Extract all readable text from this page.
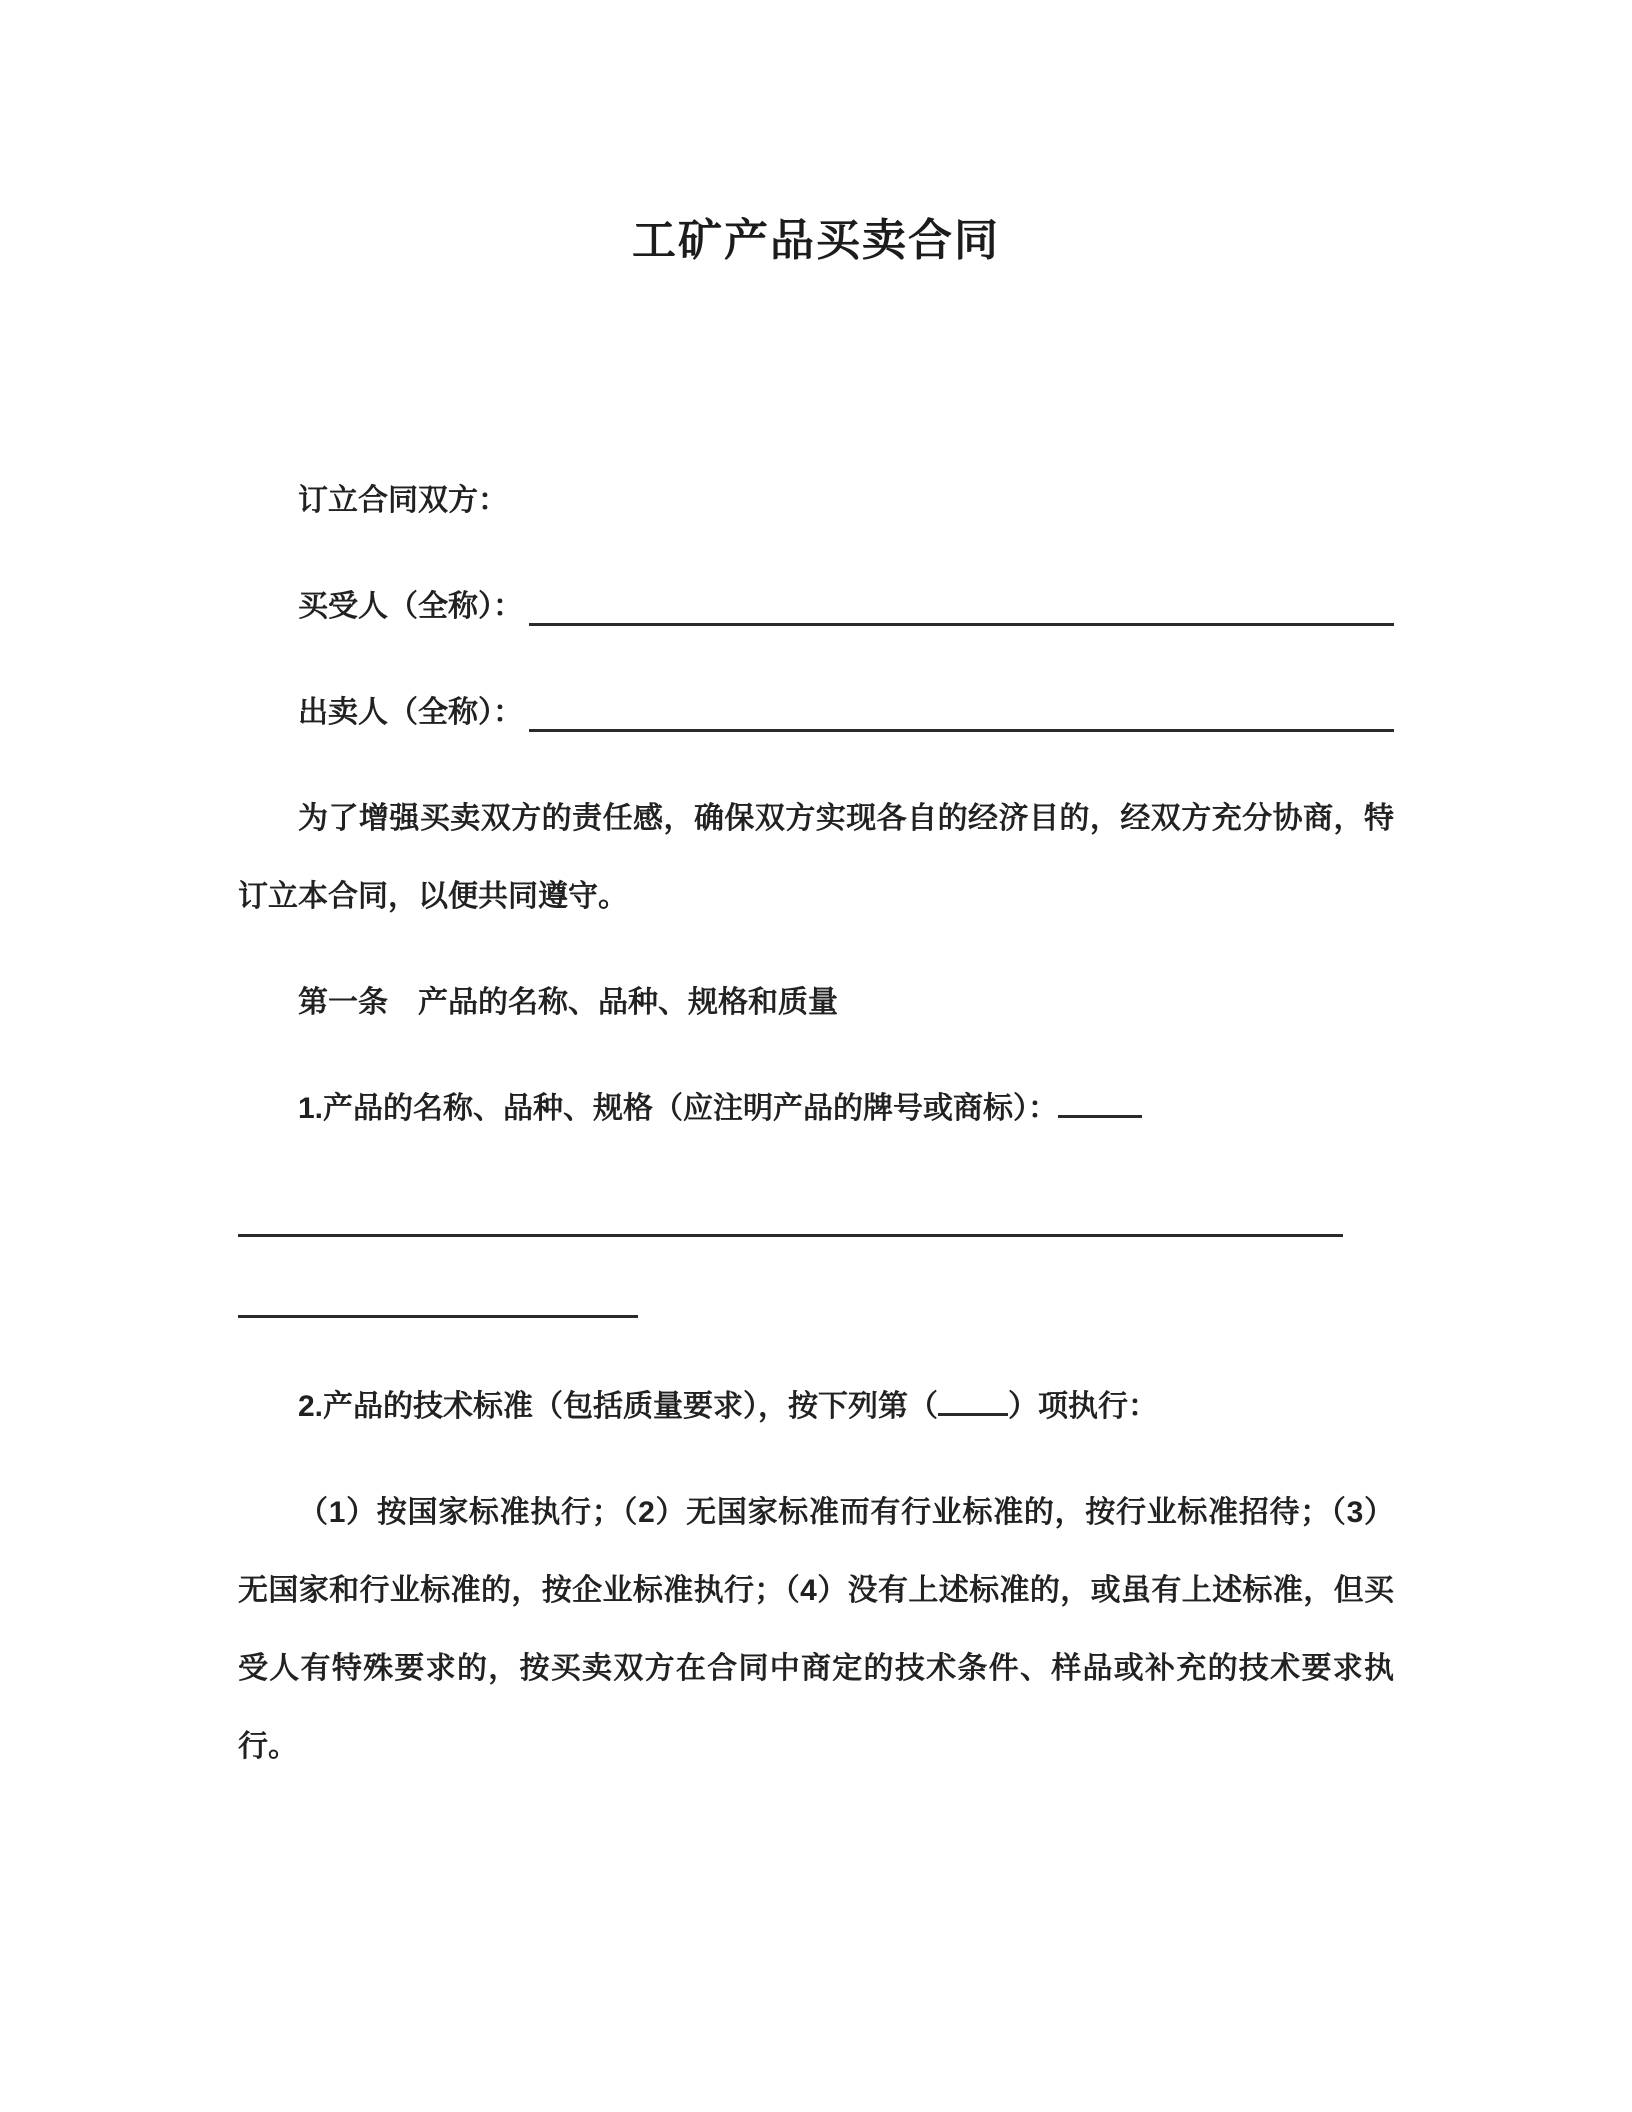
工矿产品买卖合同
订立合同双方：
买受人（全称）：
出卖人（全称）：
为了增强买卖双方的责任感，确保双方实现各自的经济目的，经双方充分协商，特订立本合同，以便共同遵守。
第一条　产品的名称、品种、规格和质量
1.产品的名称、品种、规格（应注明产品的牌号或商标）：
2.产品的技术标准（包括质量要求），按下列第（ ）项执行：
（1）按国家标准执行；（2）无国家标准而有行业标准的，按行业标准招待；（3）无国家和行业标准的，按企业标准执行；（4）没有上述标准的，或虽有上述标准，但买受人有特殊要求的，按买卖双方在合同中商定的技术条件、样品或补充的技术要求执行。
